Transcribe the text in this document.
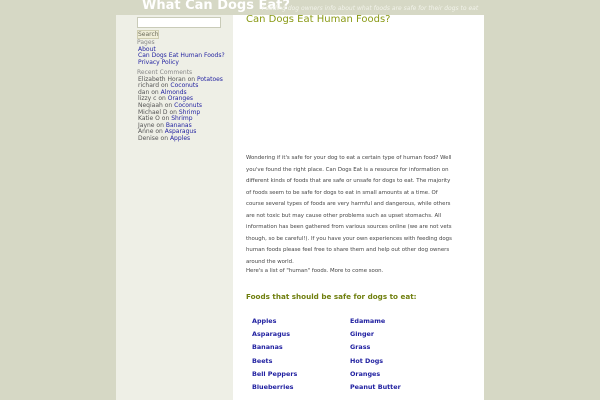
What Can Dogs Eat?
Feeding dog owners info about what foods are safe for their dogs to eat
Search
Pages
About
Can Dogs Eat Human Foods?
Privacy Policy
Recent Comments
Elizabeth Horan on Potatoes
richard on Coconuts
dan on Almonds
lizzy c on Oranges
Neqiaah on Coconuts
Michael D on Shrimp
Katie O on Shrimp
Jayne on Bananas
Anne on Asparagus
Denise on Apples
Can Dogs Eat Human Foods?

Wondering if it's safe for your dog to eat a certain type of human food? Well you've found the right place. Can Dogs Eat is a resource for information on different kinds of foods that are safe or unsafe for dogs to eat. The majority of foods seem to be safe for dogs to eat in small amounts at a time. Of course several types of foods are very harmful and dangerous, while others are not toxic but may cause other problems such as upset stomachs. All information has been gathered from various sources online (we are not vets though, so be careful!). If you have your own experiences with feeding dogs human foods please feel free to share them and help out other dog owners around the world.

Here's a list of "human" foods. More to come soon.

Foods that should be safe for dogs to eat:
Apples
Asparagus
Bananas
Beets
Bell Peppers
Blueberries
Edamame
Ginger
Grass
Hot Dogs
Oranges
Peanut Butter
